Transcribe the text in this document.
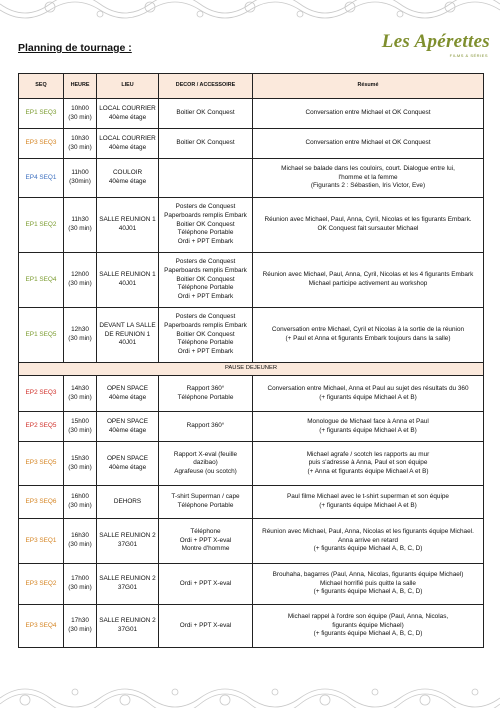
Les Apérettes
FILMS & SÉRIES
Planning de tournage :
SEQ	HEURE	LIEU	DECOR / ACCESSOIRE	Résumé
EP1 SEQ3	10h00
(30 min)	LOCAL COURRIER
40ème étage	Boitier OK Conquest	Conversation entre Michael et OK Conquest

EP3 SEQ3	10h30
(30 min)	LOCAL COURRIER
40ème étage	Boitier OK Conquest	Conversation entre Michael et OK Conquest

EP4 SEQ1	11h00
(30min)	COULOIR
40ème étage		Michael se balade dans les couloirs, court. Dialogue entre lui,
l'homme et la femme
(Figurants 2 : Sébastien, Iris Victor, Eve)

EP1 SEQ2	11h30
(30 min)	SALLE REUNION 1
40J01	Posters de Conquest
Paperboards remplis Embark
Boitier OK Conquest
Téléphone Portable
Ordi + PPT Embark	Réunion avec Michael, Paul, Anna, Cyril, Nicolas et les figurants Embark.
OK Conquest fait sursauter Michael

EP1 SEQ4	12h00
(30 min)	SALLE REUNION 1
40J01	Posters de Conquest
Paperboards remplis Embark
Boitier OK Conquest
Téléphone Portable
Ordi + PPT Embark	Réunion avec Michael, Paul, Anna, Cyril, Nicolas et les 4 figurants Embark
Michael participe activement au workshop

EP1 SEQ5	12h30
(30 min)	DEVANT LA SALLE
DE REUNION 1
40J01	Posters de Conquest
Paperboards remplis Embark
Boitier OK Conquest
Téléphone Portable
Ordi + PPT Embark	Conversation entre Michael, Cyril et Nicolas à la sortie de la réunion
(+ Paul et Anna et figurants Embark toujours dans la salle)

PAUSE DEJEUNER				
EP2 SEQ3	14h30
(30 min)	OPEN SPACE
40ème étage	Rapport 360°
Téléphone Portable	Conversation entre Michael, Anna et Paul au sujet des résultats du 360
(+ figurants équipe Michael A et B)

EP2 SEQ5	15h00
(30 min)	OPEN SPACE
40ème étage	Rapport 360°	Monologue de Michael face à Anna et Paul
(+ figurants équipe Michael A et B)

EP3 SEQ5	15h30
(30 min)	OPEN SPACE
40ème étage	Rapport X-eval (feuille
dazibao)
Agrafeuse (ou scotch)	Michael agrafe / scotch les rapports au mur
puis s'adresse à Anna, Paul et son équipe
(+ Anna et figurants équipe Michael A et B)

EP3 SEQ6	16h00
(30 min)	DEHORS	T-shirt Superman / cape
Téléphone Portable	Paul filme Michael avec le t-shirt superman et son équipe
(+ figurants équipe Michael A et B)

EP3 SEQ1	16h30
(30 min)	SALLE REUNION 2
37G01	Téléphone
Ordi + PPT X-eval
Montre d'homme	Réunion avec Michael, Paul, Anna, Nicolas et les figurants équipe Michael.
Anna arrive en retard
(+ figurants équipe Michael A, B, C, D)

EP3 SEQ2	17h00
(30 min)	SALLE REUNION 2
37G01	Ordi + PPT X-eval	Brouhaha, bagarres (Paul, Anna, Nicolas, figurants équipe Michael)
Michael horrifié puis quitte la salle
(+ figurants équipe Michael A, B, C, D)

EP3 SEQ4	17h30
(30 min)	SALLE REUNION 2
37G01	Ordi + PPT X-eval	Michael rappel à l'ordre son équipe (Paul, Anna, Nicolas,
figurants équipe Michael)
(+ figurants équipe Michael A, B, C, D)
